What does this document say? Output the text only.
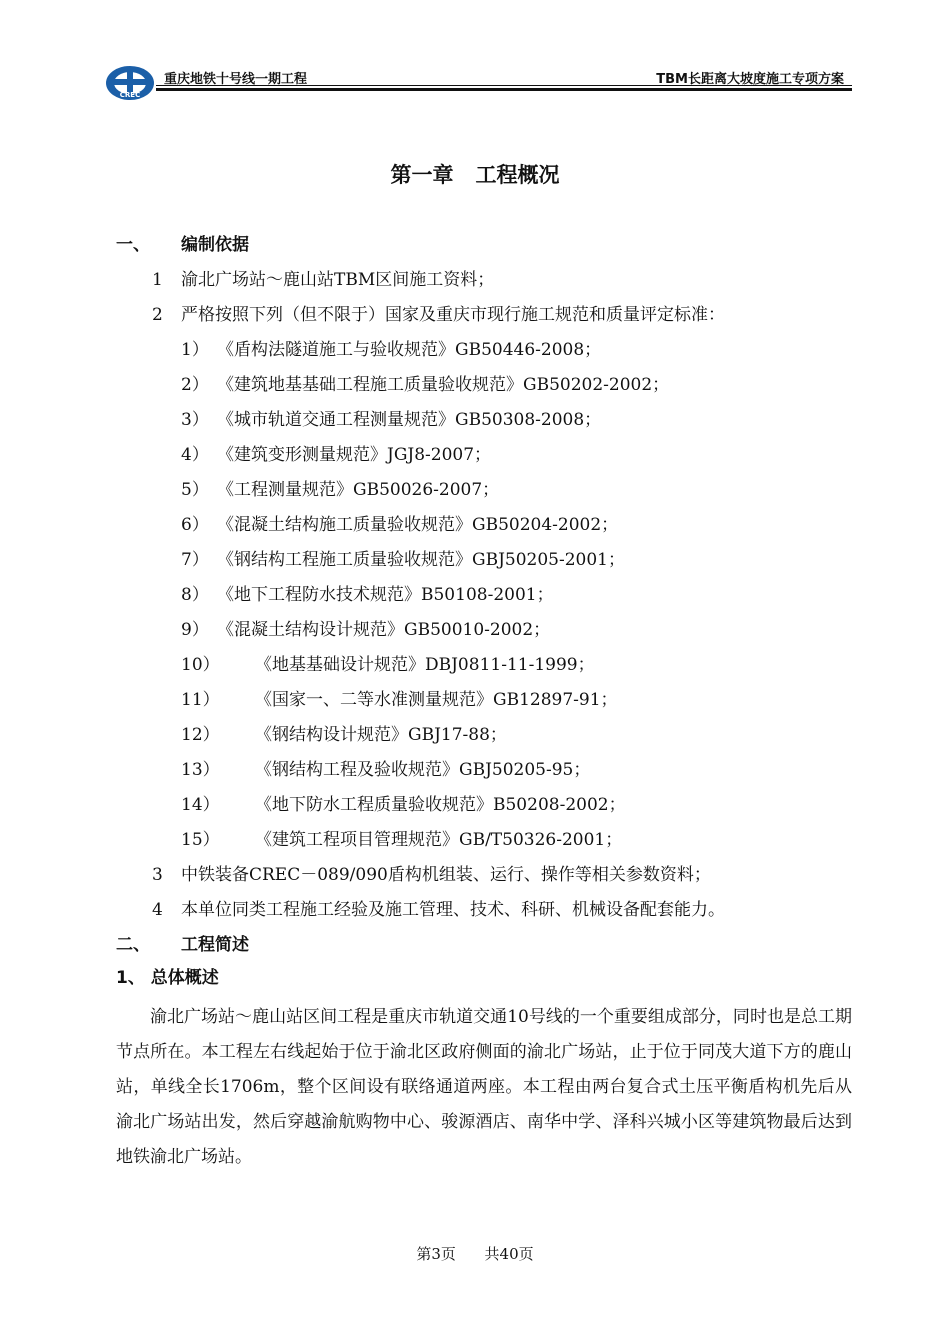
CREC
重庆地铁十号线一期工程	TBM长距离大坡度施工专项方案
第一章   工程概况
一、 编制依据
1 渝北广场站～鹿山站TBM区间施工资料；
2 严格按照下列（但不限于）国家及重庆市现行施工规范和质量评定标准：
1） 《盾构法隧道施工与验收规范》GB50446-2008；
2） 《建筑地基基础工程施工质量验收规范》GB50202-2002；
3） 《城市轨道交通工程测量规范》GB50308-2008；
4） 《建筑变形测量规范》JGJ8-2007；
5） 《工程测量规范》GB50026-2007；
6） 《混凝土结构施工质量验收规范》GB50204-2002；
7） 《钢结构工程施工质量验收规范》GBJ50205-2001；
8） 《地下工程防水技术规范》B50108-2001；
9） 《混凝土结构设计规范》GB50010-2002；
10） 《地基基础设计规范》DBJ0811-11-1999；
11） 《国家一、二等水准测量规范》GB12897-91；
12） 《钢结构设计规范》GBJ17-88；
13） 《钢结构工程及验收规范》GBJ50205-95；
14） 《地下防水工程质量验收规范》B50208-2002；
15） 《建筑工程项目管理规范》GB/T50326-2001；
3 中铁装备CREC－089/090盾构机组装、运行、操作等相关参数资料；
4 本单位同类工程施工经验及施工管理、技术、科研、机械设备配套能力。
二、 工程简述
1、 总体概述
渝北广场站～鹿山站区间工程是重庆市轨道交通10号线的一个重要组成部分，同时也是总工期节点所在。本工程左右线起始于位于渝北区政府侧面的渝北广场站，止于位于同茂大道下方的鹿山站，单线全长1706m，整个区间设有联络通道两座。本工程由两台复合式土压平衡盾构机先后从渝北广场站出发，然后穿越渝航购物中心、骏源酒店、南华中学、泽科兴城小区等建筑物最后达到地铁渝北广场站。
第3页 共40页
